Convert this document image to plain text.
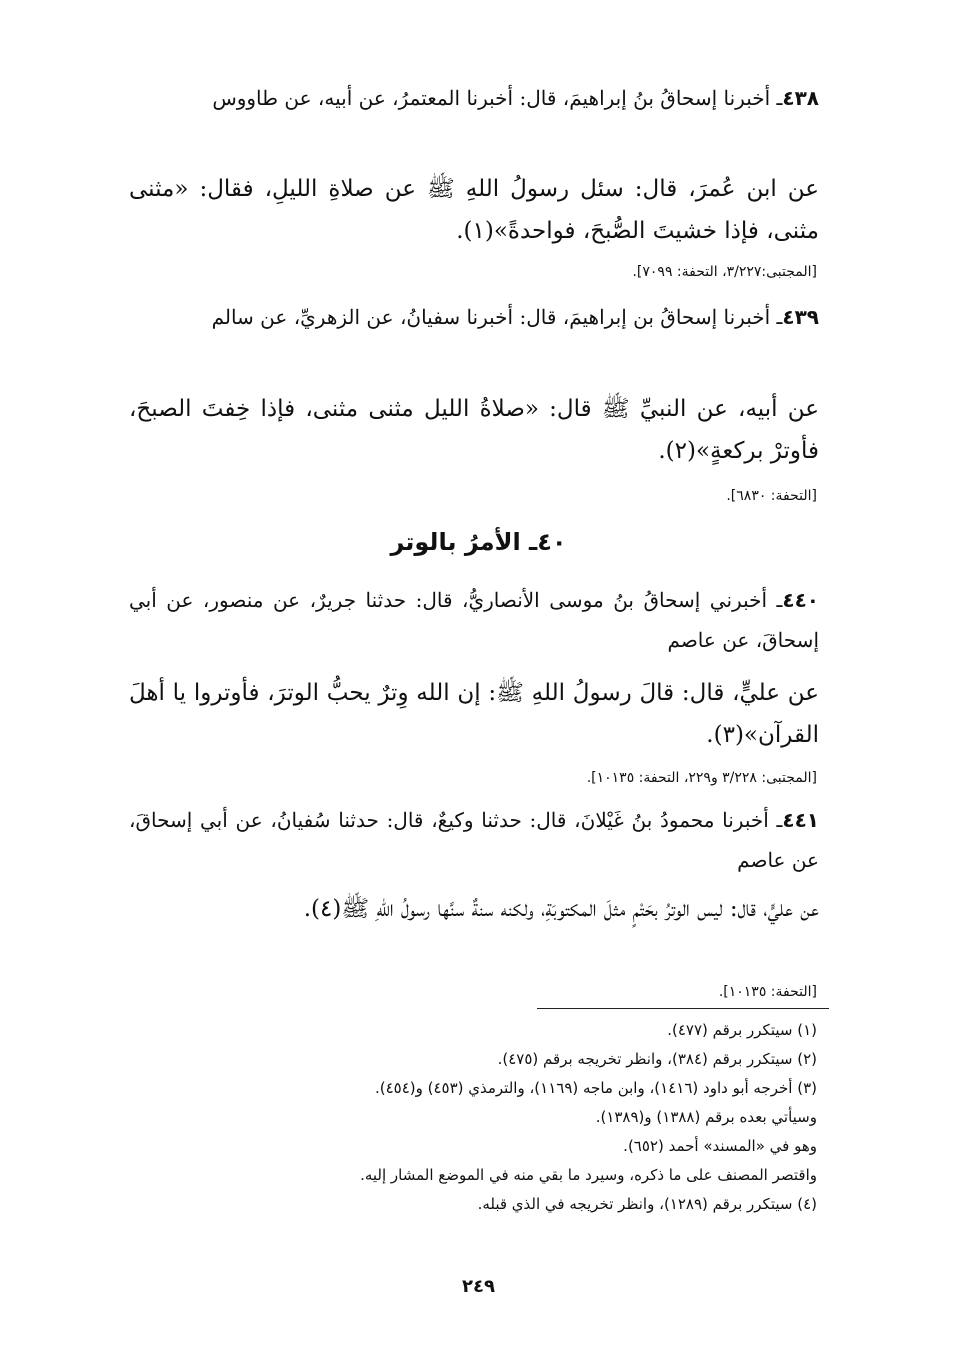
٤٣٨ـ أخبرنا إسحاقُ بنُ إبراهيمَ، قال: أخبرنا المعتمرُ، عن أبيه، عن طاووس
عن ابن عُمرَ، قال: سئل رسولُ اللهِ ﷺ عن صلاةِ الليلِ، فقال: «مثنى مثنى، فإذا خشيتَ الصُّبحَ، فواحدةً»(١).
[المجتبى:٣/٢٢٧، التحفة: ٧٠٩٩].
٤٣٩ـ أخبرنا إسحاقُ بن إبراهيمَ، قال: أخبرنا سفيانُ، عن الزهريِّ، عن سالم
عن أبيه، عن النبيِّ ﷺ قال: «صلاةُ الليل مثنى مثنى، فإذا خِفتَ الصبحَ، فأوترْ بركعةٍ»(٢).
[التحفة: ٦٨٣٠].
٤٠ـ الأمرُ بالوتر
٤٤٠ـ أخبرني إسحاقُ بنُ موسى الأنصاريُّ، قال: حدثنا جريرٌ، عن منصور، عن أبي إسحاقَ، عن عاصم
عن عليٍّ، قال: قالَ رسولُ اللهِ ﷺ: إن الله وِترٌ يحبُّ الوترَ، فأوتروا يا أهلَ القرآن»(٣).
[المجتبى: ٣/٢٢٨ و٢٢٩، التحفة: ١٠١٣٥].
٤٤١ـ أخبرنا محمودُ بنُ غَيْلانَ، قال: حدثنا وكيعٌ، قال: حدثنا سُفيانُ، عن أبي إسحاقَ، عن عاصم
عن عليٍّ، قال: ليس الوترُ بحَتْمٍ مثلَ المكتوبَةِ، ولكنه سنةٌ سنَّها رسولُ اللهِ ﷺ(٤).
[التحفة: ١٠١٣٥].
(١) سيتكرر برقم (٤٧٧).
(٢) سيتكرر برقم (٣٨٤)، وانظر تخريجه برقم (٤٧٥).
(٣) أخرجه أبو داود (١٤١٦)، وابن ماجه (١١٦٩)، والترمذي (٤٥٣) و(٤٥٤).
وسيأتي بعده برقم (١٣٨٨) و(١٣٨٩).
وهو في «المسند» أحمد (٦٥٢).
واقتصر المصنف على ما ذكره، وسيرد ما بقي منه في الموضع المشار إليه.
(٤) سيتكرر برقم (١٢٨٩)، وانظر تخريجه في الذي قبله.
٢٤٩
